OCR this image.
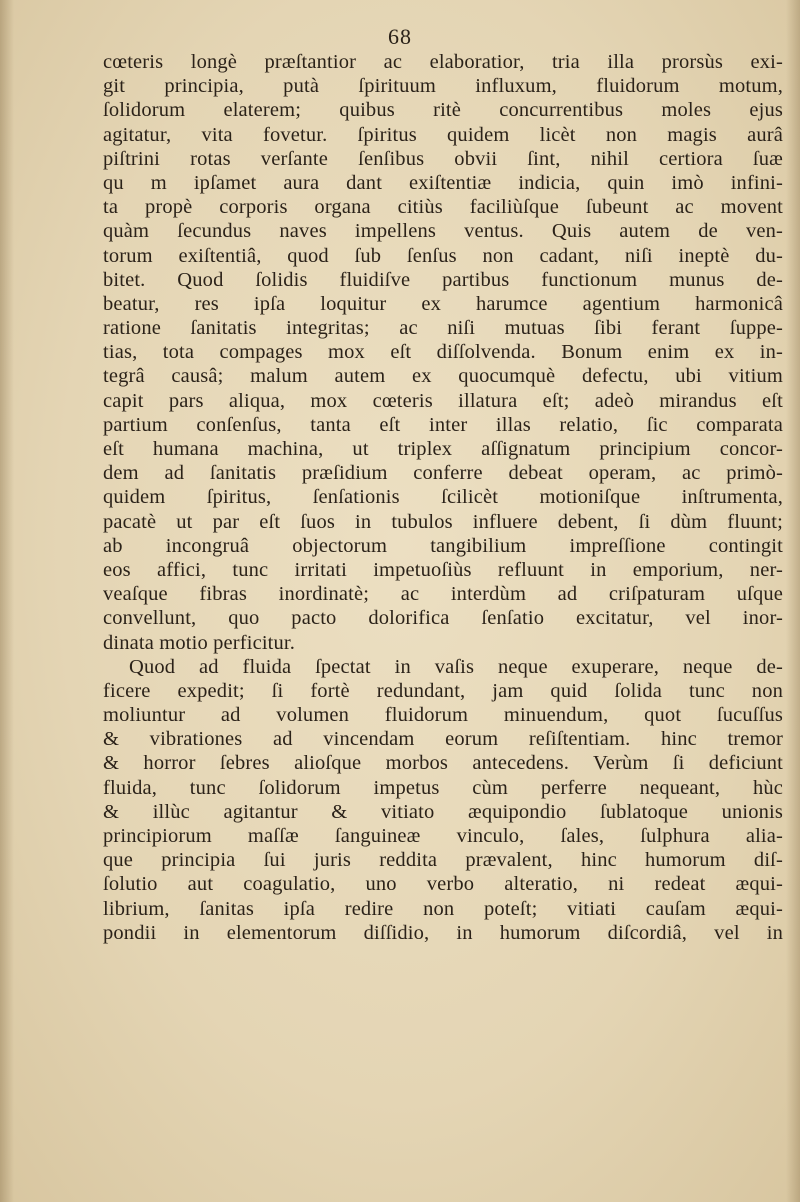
68
cœteris longè præſtantior ac elaboratior, tria illa prorsùs exi-
git principia, putà ſpirituum influxum, fluidorum motum,
ſolidorum elaterem; quibus ritè concurrentibus moles ejus
agitatur, vita fovetur. ſpiritus quidem licèt non magis aurâ
piſtrini rotas verſante ſenſibus obvii ſint, nihil certiora ſuæ
qu m ipſamet aura dant exiſtentiæ indicia, quin imò infini-
ta propè corporis organa citiùs faciliùſque ſubeunt ac movent
quàm ſecundus naves impellens ventus. Quis autem de ven-
torum exiſtentiâ, quod ſub ſenſus non cadant, niſi ineptè du-
bitet. Quod ſolidis fluidiſve partibus functionum munus de-
beatur, res ipſa loquitur ex harumce agentium harmonicâ
ratione ſanitatis integritas; ac niſi mutuas ſibi ferant ſuppe-
tias, tota compages mox eſt diſſolvenda. Bonum enim ex in-
tegrâ causâ; malum autem ex quocumquè defectu, ubi vitium
capit pars aliqua, mox cœteris illatura eſt; adeò mirandus eſt
partium conſenſus, tanta eſt inter illas relatio, ſic comparata
eſt humana machina, ut triplex aſſignatum principium concor-
dem ad ſanitatis præſidium conferre debeat operam, ac primò-
quidem ſpiritus, ſenſationis ſcilicèt motioniſque inſtrumenta,
pacatè ut par eſt ſuos in tubulos influere debent, ſi dùm fluunt;
ab incongruâ objectorum tangibilium impreſſione contingit
eos affici, tunc irritati impetuoſiùs refluunt in emporium, ner-
veaſque fibras inordinatè; ac interdùm ad criſpaturam uſque
convellunt, quo pacto dolorifica ſenſatio excitatur, vel inor-
dinata motio perficitur.
Quod ad fluida ſpectat in vaſis neque exuperare, neque de-
ficere expedit; ſi fortè redundant, jam quid ſolida tunc non
moliuntur ad volumen fluidorum minuendum, quot ſucuſſus
& vibrationes ad vincendam eorum reſiſtentiam. hinc tremor
& horror ſebres alioſque morbos antecedens. Verùm ſi deficiunt
fluida, tunc ſolidorum impetus cùm perferre nequeant, hùc
& illùc agitantur & vitiato æquipondio ſublatoque unionis
principiorum maſſæ ſanguineæ vinculo, ſales, ſulphura alia-
que principia ſui juris reddita prævalent, hinc humorum diſ-
ſolutio aut coagulatio, uno verbo alteratio, ni redeat æqui-
librium, ſanitas ipſa redire non poteſt; vitiati cauſam æqui-
pondii in elementorum diſſidio, in humorum diſcordiâ, vel in
